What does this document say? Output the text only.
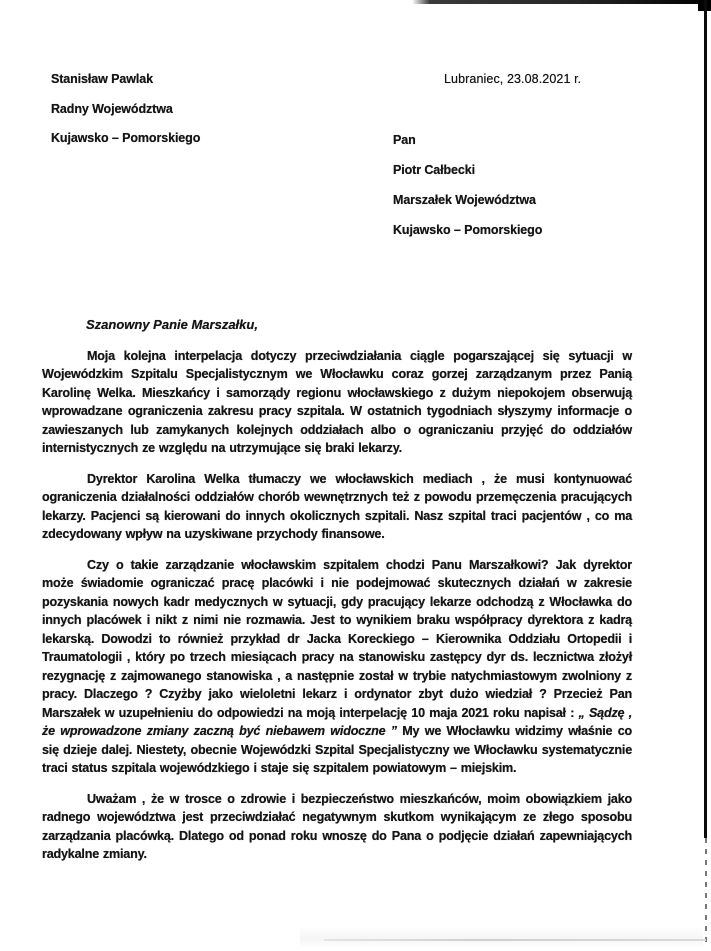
Stanisław Pawlak

Radny Województwa

Kujawsko – Pomorskiego

Lubraniec, 23.08.2021 r.

Pan

Piotr Całbecki

Marszałek Województwa

Kujawsko – Pomorskiego

Szanowny Panie Marszałku,

Moja kolejna interpelacja dotyczy przeciwdziałania ciągle pogarszającej się sytuacji w Wojewódzkim Szpitalu Specjalistycznym we Włocławku coraz gorzej zarządzanym przez Panią Karolinę Welka. Mieszkańcy i samorządy regionu włocławskiego z dużym niepokojem obserwują wprowadzane ograniczenia zakresu pracy szpitala. W ostatnich tygodniach słyszymy informacje o zawieszanych lub zamykanych kolejnych oddziałach albo o ograniczaniu przyjęć do oddziałów internistycznych ze względu na utrzymujące się braki lekarzy.

Dyrektor Karolina Welka tłumaczy we włocławskich mediach , że musi kontynuować ograniczenia działalności oddziałów chorób wewnętrznych też z powodu przemęczenia pracujących lekarzy. Pacjenci są kierowani do innych okolicznych szpitali. Nasz szpital traci pacjentów , co ma zdecydowany wpływ na uzyskiwane przychody finansowe.

Czy o takie zarządzanie włocławskim szpitalem chodzi Panu Marszałkowi? Jak dyrektor może świadomie ograniczać pracę placówki i nie podejmować skutecznych działań w zakresie pozyskania nowych kadr medycznych w sytuacji, gdy pracujący lekarze odchodzą z Włocławka do innych placówek i nikt z nimi nie rozmawia. Jest to wynikiem braku współpracy dyrektora z kadrą lekarską. Dowodzi to również przykład dr Jacka Koreckiego – Kierownika Oddziału Ortopedii i Traumatologii , który po trzech miesiącach pracy na stanowisku zastępcy dyr ds. lecznictwa złożył rezygnację z zajmowanego stanowiska , a następnie został w trybie natychmiastowym zwolniony z pracy. Dlaczego ? Czyżby jako wieloletni lekarz i ordynator zbyt dużo wiedział ? Przecież Pan Marszałek w uzupełnieniu do odpowiedzi na moją interpelację 10 maja 2021 roku napisał : „ Sądzę , że wprowadzone zmiany zaczną być niebawem widoczne ” My we Włocławku widzimy właśnie co się dzieje dalej. Niestety, obecnie Wojewódzki Szpital Specjalistyczny we Włocławku systematycznie traci status szpitala wojewódzkiego i staje się szpitalem powiatowym – miejskim.

Uważam , że w trosce o zdrowie i bezpieczeństwo mieszkańców, moim obowiązkiem jako radnego województwa jest przeciwdziałać negatywnym skutkom wynikającym ze złego sposobu zarządzania placówką. Dlatego od ponad roku wnoszę do Pana o podjęcie działań zapewniających radykalne zmiany.
